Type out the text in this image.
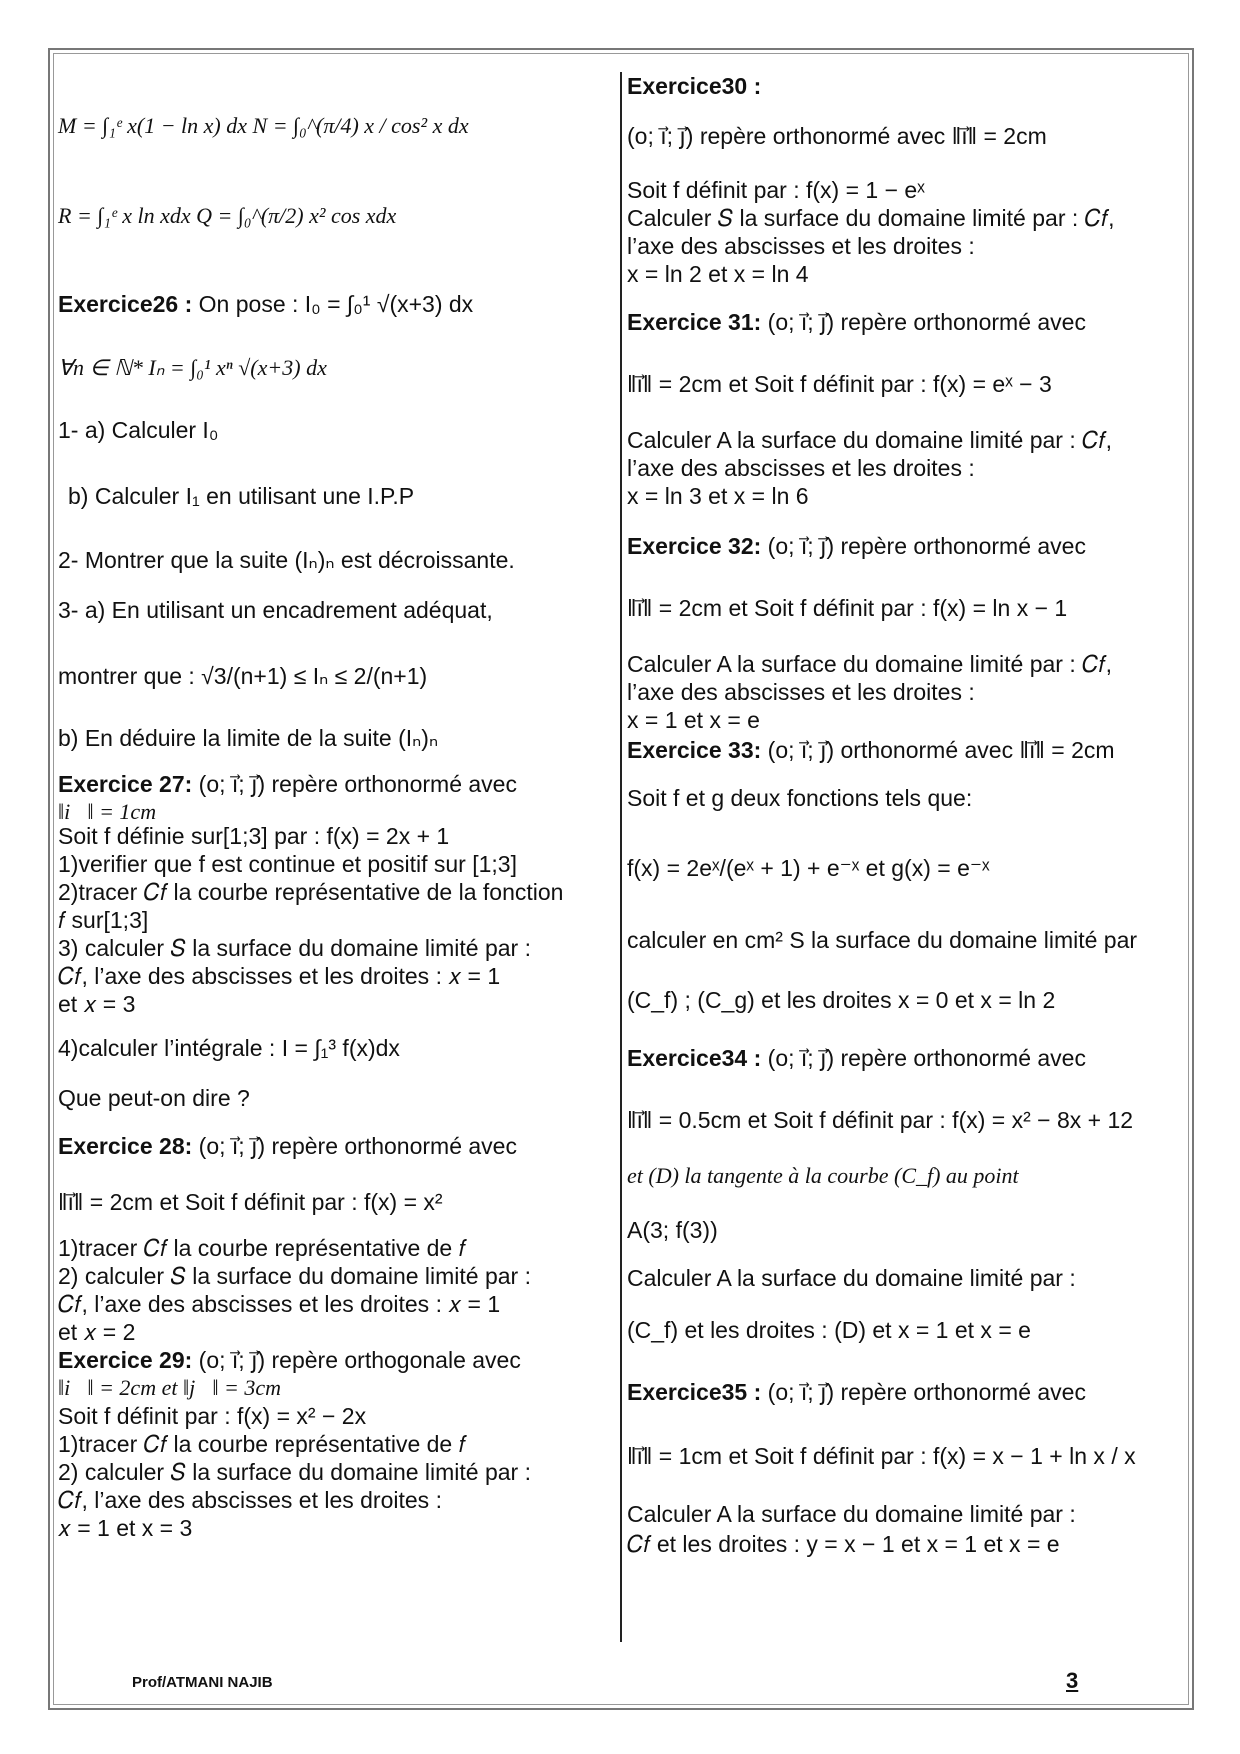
M = ∫₁ᵉ x(1 − ln x) dx N = ∫₀^(π/4) x / cos² x dx
R = ∫₁ᵉ x ln xdx Q = ∫₀^(π/2) x² cos xdx
Exercice26 : On pose : I₀ = ∫₀¹ √(x+3) dx
∀n ∈ ℕ* Iₙ = ∫₀¹ xⁿ √(x+3) dx
1- a) Calculer I₀
b) Calculer I₁ en utilisant une I.P.P
2- Montrer que la suite (Iₙ)ₙ est décroissante.
3- a) En utilisant un encadrement adéquat,
montrer que : √3/(n+1) ≤ Iₙ ≤ 2/(n+1)
b) En déduire la limite de la suite (Iₙ)ₙ
Exercice 27: (o; i⃗; j⃗) repère orthonormé avec
‖i⃗‖ = 1cm
Soit f définie sur[1;3] par : f(x) = 2x + 1
1)verifier que f est continue et positif sur [1;3]
2)tracer 𝐶𝑓 la courbe représentative de la fonction
𝑓 sur[1;3]
3) calculer 𝑆 la surface du domaine limité par :
𝐶𝑓, l’axe des abscisses et les droites : 𝑥 = 1
et 𝑥 = 3
4)calculer l’intégrale : I = ∫₁³ f(x)dx
Que peut-on dire ?
Exercice 28: (o; i⃗; j⃗) repère orthonormé avec
‖i⃗‖ = 2cm et Soit f définit par : f(x) = x²
1)tracer 𝐶𝑓 la courbe représentative de 𝑓
2) calculer 𝑆 la surface du domaine limité par :
𝐶𝑓, l’axe des abscisses et les droites : 𝑥 = 1
et 𝑥 = 2
Exercice 29: (o; i⃗; j⃗) repère orthogonale avec
‖i⃗‖ = 2cm et ‖j⃗‖ = 3cm
Soit f définit par : f(x) = x² − 2x
1)tracer 𝐶𝑓 la courbe représentative de 𝑓
2) calculer 𝑆 la surface du domaine limité par :
𝐶𝑓, l’axe des abscisses et les droites :
𝑥 = 1 et x = 3
Exercice30 :
(o; i⃗; j⃗) repère orthonormé avec ‖i⃗‖ = 2cm
Soit f définit par : f(x) = 1 − eˣ
Calculer 𝑆 la surface du domaine limité par : 𝐶𝑓,
l’axe des abscisses et les droites :
x = ln 2 et x = ln 4
Exercice 31: (o; i⃗; j⃗) repère orthonormé avec
‖i⃗‖ = 2cm et Soit f définit par : f(x) = eˣ − 3
Calculer A la surface du domaine limité par : 𝐶𝑓,
l’axe des abscisses et les droites :
x = ln 3 et x = ln 6
Exercice 32: (o; i⃗; j⃗) repère orthonormé avec
‖i⃗‖ = 2cm et Soit f définit par : f(x) = ln x − 1
Calculer A la surface du domaine limité par : 𝐶𝑓,
l’axe des abscisses et les droites :
x = 1 et x = e
Exercice 33: (o; i⃗; j⃗) orthonormé avec ‖i⃗‖ = 2cm
Soit f et g deux fonctions tels que:
f(x) = 2eˣ/(eˣ + 1) + e⁻ˣ et g(x) = e⁻ˣ
calculer en cm² S la surface du domaine limité par
(C_f) ; (C_g) et les droites x = 0 et x = ln 2
Exercice34 : (o; i⃗; j⃗) repère orthonormé avec
‖i⃗‖ = 0.5cm et Soit f définit par : f(x) = x² − 8x + 12
et (D) la tangente à la courbe (C_f) au point
A(3; f(3))
Calculer A la surface du domaine limité par :
(C_f) et les droites : (D) et x = 1 et x = e
Exercice35 : (o; i⃗; j⃗) repère orthonormé avec
‖i⃗‖ = 1cm et Soit f définit par : f(x) = x − 1 + ln x / x
Calculer A la surface du domaine limité par :
𝐶𝑓 et les droites : y = x − 1 et x = 1 et x = e
Prof/ATMANI NAJIB	3
